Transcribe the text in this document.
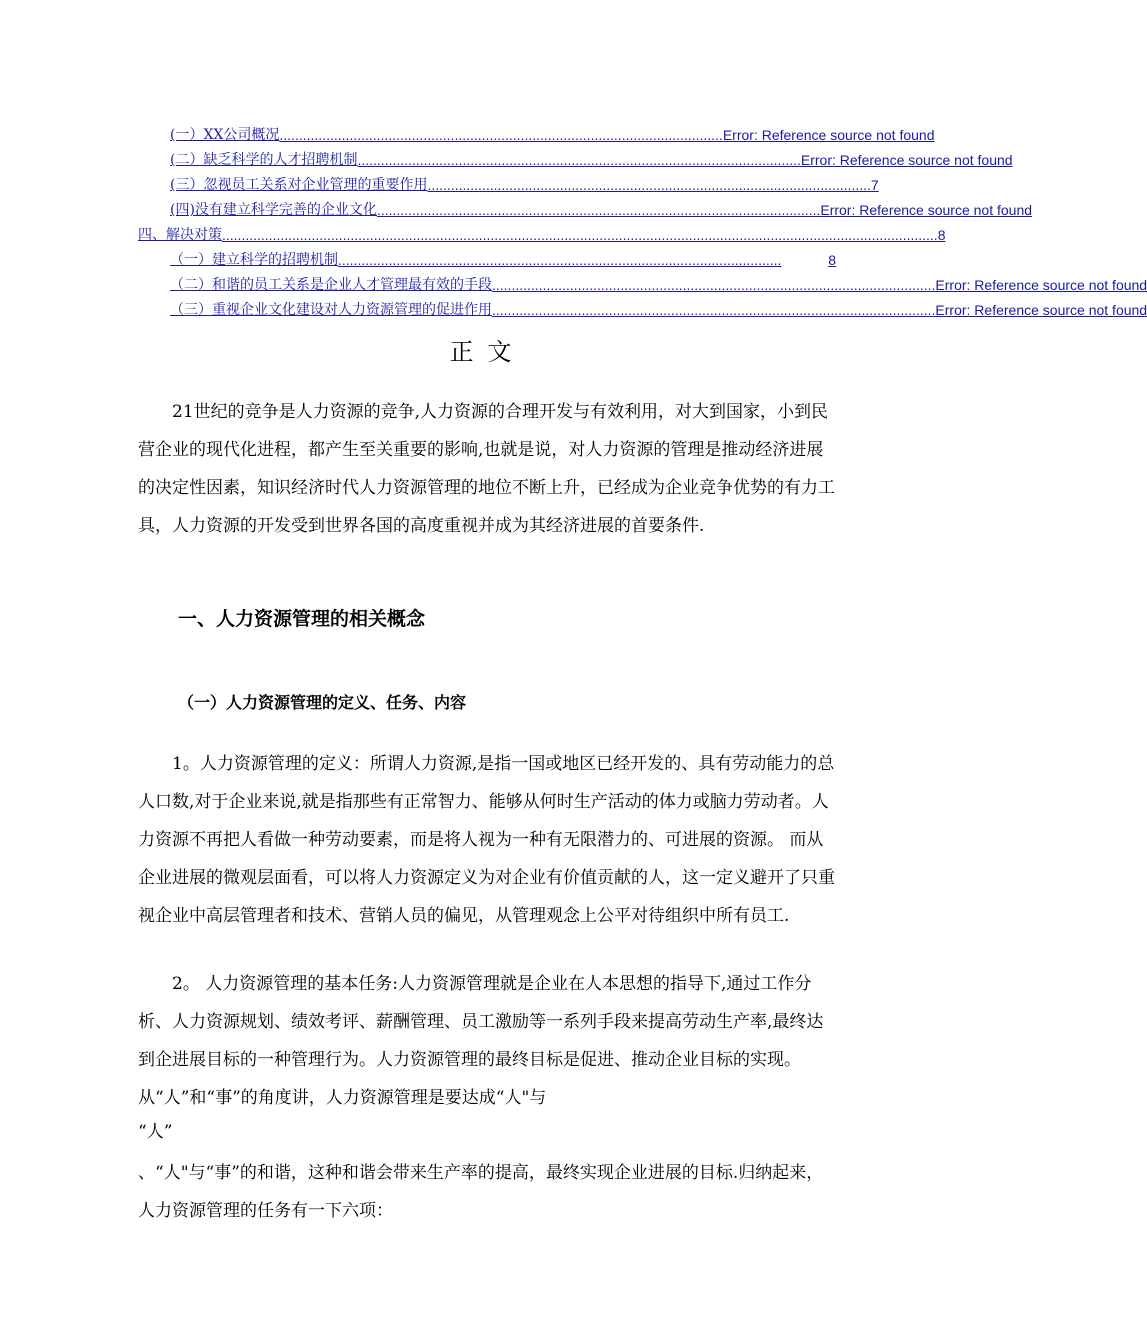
(一）XX公司概况 .................................................................................................................. Error: Reference source not found
(二）缺乏科学的人才招聘机制 .................................................................................................................. Error: Reference source not found
(三）忽视员工关系对企业管理的重要作用 .................................................................................................................. 7
(四)没有建立科学完善的企业文化 .................................................................................................................. Error: Reference source not found
四、解决对策 ........................................................................................................................................................................................ 8
（一）建立科学的招聘机制 ..................................................................................................................	8
（二）和谐的员工关系是企业人才管理最有效的手段 .................................................................................................................. Error: Reference source not found
（三）重视企业文化建设对人力资源管理的促进作用 .................................................................................................................. Error: Reference source not found
正文
21世纪的竞争是人力资源的竞争,人力资源的合理开发与有效利用，对大到国家，小到民营企业的现代化进程，都产生至关重要的影响,也就是说，对人力资源的管理是推动经济进展的决定性因素，知识经济时代人力资源管理的地位不断上升，已经成为企业竞争优势的有力工具，人力资源的开发受到世界各国的高度重视并成为其经济进展的首要条件.
一、人力资源管理的相关概念
（一）人力资源管理的定义、任务、内容
1。人力资源管理的定义：所谓人力资源,是指一国或地区已经开发的、具有劳动能力的总人口数,对于企业来说,就是指那些有正常智力、能够从何时生产活动的体力或脑力劳动者。人力资源不再把人看做一种劳动要素，而是将人视为一种有无限潜力的、可进展的资源。 而从企业进展的微观层面看，可以将人力资源定义为对企业有价值贡献的人，这一定义避开了只重视企业中高层管理者和技术、营销人员的偏见，从管理观念上公平对待组织中所有员工.
2。 人力资源管理的基本任务:人力资源管理就是企业在人本思想的指导下,通过工作分析、人力资源规划、绩效考评、薪酬管理、员工激励等一系列手段来提高劳动生产率,最终达到企进展目标的一种管理行为。人力资源管理的最终目标是促进、推动企业目标的实现。从“人”和“事”的角度讲，人力资源管理是要达成“人"与
“人”
、“人"与“事”的和谐，这种和谐会带来生产率的提高，最终实现企业进展的目标.归纳起来，人力资源管理的任务有一下六项：
